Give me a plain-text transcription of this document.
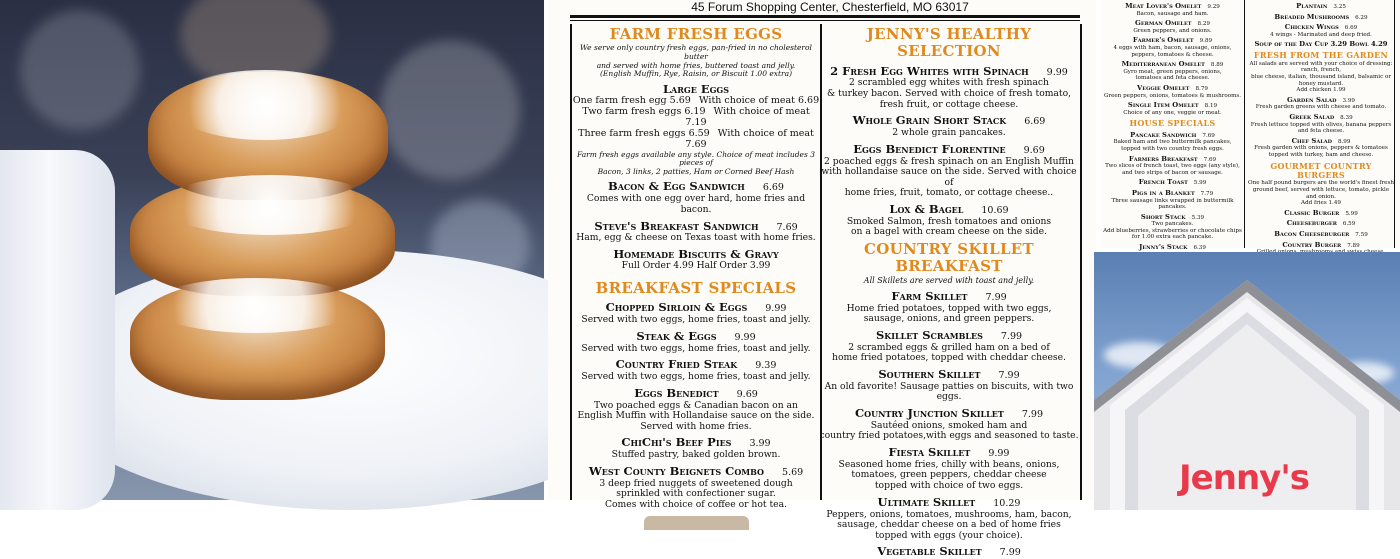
45 Forum Shopping Center, Chesterfield, MO 63017
FARM FRESH EGGS
We serve only country fresh eggs, pan-fried in no cholesterol butter
and served with home fries, buttered toast and jelly.
(English Muffin, Rye, Raisin, or Biscuit 1.00 extra)
Large Eggs
One farm fresh egg 5.69 With choice of meat 6.69
Two farm fresh eggs 6.19 With choice of meat 7.19
Three farm fresh eggs 6.59 With choice of meat 7.69
Farm fresh eggs available any style. Choice of meat includes 3 pieces of
Bacon, 3 links, 2 patties, Ham or Corned Beef Hash
Bacon & Egg Sandwich 6.69
Comes with one egg over hard, home fries and bacon.
Steve's Breakfast Sandwich 7.69
Ham, egg & cheese on Texas toast with home fries.
Homemade Biscuits & Gravy
Full Order 4.99 Half Order 3.99
BREAKFAST SPECIALS
Chopped Sirloin & Eggs 9.99
Served with two eggs, home fries, toast and jelly.
Steak & Eggs 9.99
Served with two eggs, home fries, toast and jelly.
Country Fried Steak 9.39
Served with two eggs, home fries, toast and jelly.
Eggs Benedict 9.69
Two poached eggs & Canadian bacon on an
English Muffin with Hollandaise sauce on the side.
Served with home fries.
ChiChi's Beef Pies 3.99
Stuffed pastry, baked golden brown.
West County Beignets Combo 5.69
3 deep fried nuggets of sweetened dough
sprinkled with confectioner sugar.
Comes with choice of coffee or hot tea.
JENNY'S HEALTHY SELECTION
2 Fresh Egg Whites with Spinach 9.99
2 scrambled egg whites with fresh spinach
& turkey bacon. Served with choice of fresh tomato,
fresh fruit, or cottage cheese.
Whole Grain Short Stack 6.69
2 whole grain pancakes.
Eggs Benedict Florentine 9.69
2 poached eggs & fresh spinach on an English Muffin
with hollandaise sauce on the side. Served with choice of
home fries, fruit, tomato, or cottage cheese..
Lox & Bagel 10.69
Smoked Salmon, fresh tomatoes and onions
on a bagel with cream cheese on the side.
COUNTRY SKILLET BREAKFAST
All Skillets are served with toast and jelly.
Farm Skillet 7.99
Home fried potatoes, topped with two eggs,
sausage, onions, and green peppers.
Skillet Scrambles 7.99
2 scrambed eggs & grilled ham on a bed of
home fried potatoes, topped with cheddar cheese.
Southern Skillet 7.99
An old favorite! Sausage patties on biscuits, with two eggs.
Country Junction Skillet 7.99
Sautéed onions, smoked ham and
country fried potatoes,with eggs and seasoned to taste.
Fiesta Skillet 9.99
Seasoned home fries, chilly with beans, onions,
tomatoes, green peppers, cheddar cheese
topped with choice of two eggs.
Ultimate Skillet 10.29
Peppers, onions, tomatoes, mushrooms, ham, bacon,
sausage, cheddar cheese on a bed of home fries
topped with eggs (your choice).
Vegetable Skillet 7.99
Meat Lover's Omelet 9.29
Bacon, sausage and ham.
German Omelet 8.29
Green peppers, and onions.
Farmer's Omelet 9.89
4 eggs with ham, bacon, sausage, onions,
peppers, tomatoes & cheese.
Mediterranean Omelet 8.89
Gyro meat, green peppers, onions,
tomatoes and feta cheese.
Veggie Omelet 8.79
Green peppers, onions, tomatoes & mushrooms.
Single Item Omelet 8.19
Choice of any one, veggie or meat.
HOUSE SPECIALS
Pancake Sandwich 7.69
Baked ham and two buttermilk pancakes,
topped with two country fresh eggs.
Farmers Breakfast 7.69
Two slices of french toast, two eggs (any style),
and two strips of bacon or sausage.
French Toast 5.99
Pigs in a Blanket 7.79
Three sausage links wrapped in buttermilk pancakes.
Short Stack 5.39
Two pancakes.
Add blueberries, strawberries or chocolate chips
for 1.00 extra each pancake.
Jenny's Stack 6.39
Plantain 3.25
Breaded Mushrooms 6.29
Chicken Wings 6.69
4 wings - Marinated and deep fried.
Soup of the Day Cup 3.29 Bowl 4.29
FRESH FROM THE GARDEN
All salads are served with your choice of dressing: ranch, french,
blue cheese, italian, thousand island, balsamic or honey mustard.
Add chicken 1.99
Garden Salad 3.99
Fresh garden greens with cheese and tomato.
Greek Salad 8.39
Fresh lettuce topped with olives, banana peppers
and feta cheese.
Chef Salad 8.99
Fresh garden with onions, peppers & tomatoes
topped with turkey, ham and cheese.
GOURMET COUNTRY BURGERS
One half pound burgers are the world's finest fresh
ground beef, served with lettuce, tomato, pickle and onion.
Add fries 1.49
Classic Burger 5.99
Cheeseburger 6.59
Bacon Cheeseburger 7.59
Country Burger 7.89
Jenny's
